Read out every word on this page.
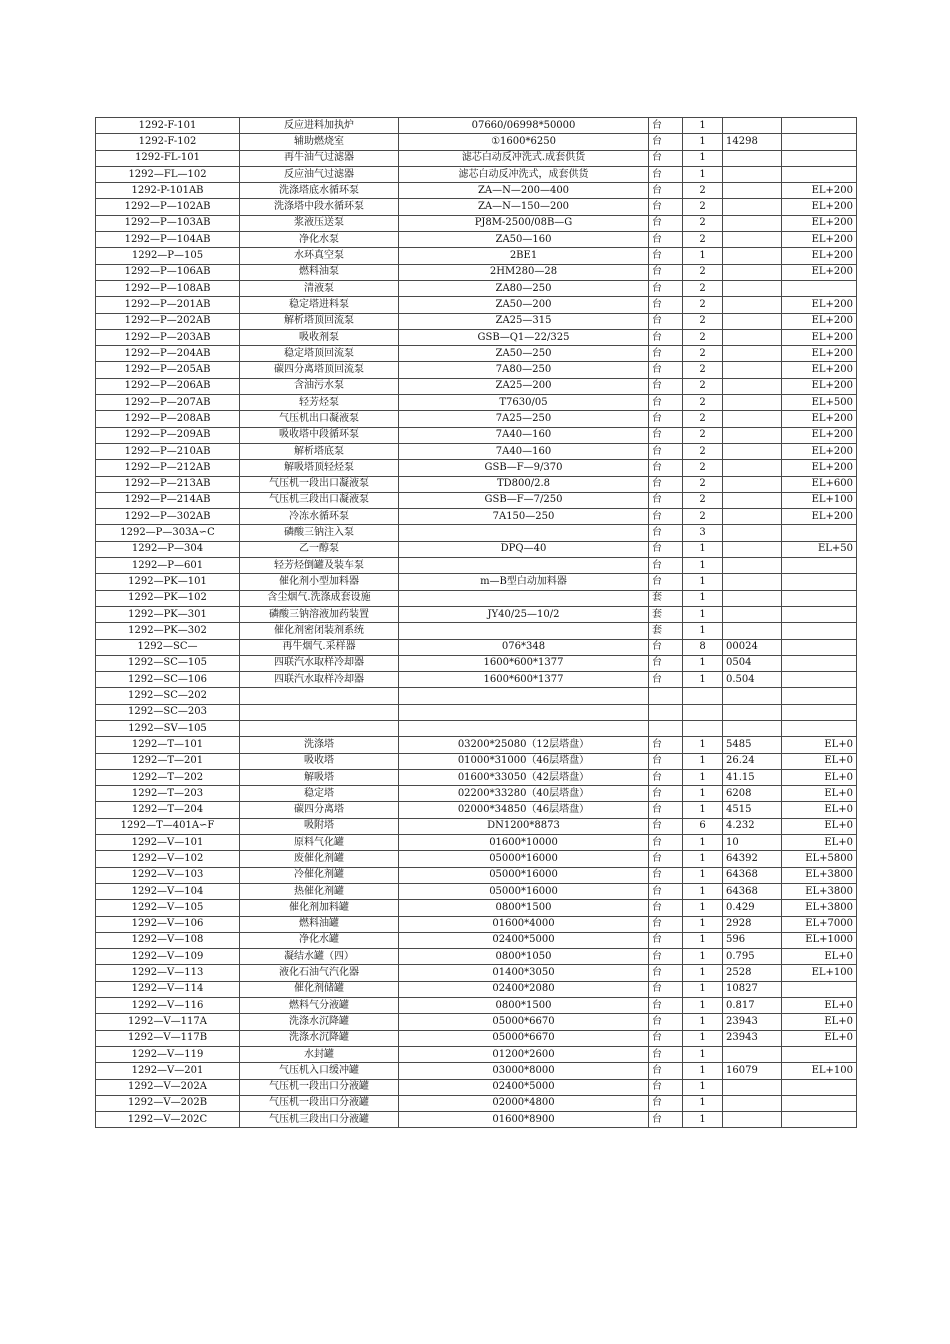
1292-F-101	反应进料加执炉	07660/06998*50000	台	1		
1292-F-102	辅助燃烧室	①1600*6250	台	1	14298	
1292-FL-101	再牛油气过滤器	滤芯白动反冲洗式.成套供货	台	1		
1292—FL—102	反应油气过滤器	滤芯白动反冲洗式，成套供货	台	1		
1292-P-101AB	洗涤塔底水循环泵	ZA—N—200—400	台	2		EL+200
1292—P—102AB	洗涤塔中段水循环泵	ZA—N—150—200	台	2		EL+200
1292—P—103AB	浆液压送泵	PJ8M-2500/08B—G	台	2		EL+200
1292—P—104AB	净化水泵	ZA50—160	台	2		EL+200
1292—P—105	水环真空泵	2BE1	台	1		EL+200
1292—P—106AB	燃料油泵	2HM280—28	台	2		EL+200
1292—P—108AB	清液泵	ZA80—250	台	2		
1292—P—201AB	稳定塔进料泵	ZA50—200	台	2		EL+200
1292—P—202AB	解析塔顶回流泵	ZA25—315	台	2		EL+200
1292—P—203AB	吸收剂泵	GSB—Q1—22/325	台	2		EL+200
1292—P—204AB	稳定塔顶回流泵	ZA50—250	台	2		EL+200
1292—P—205AB	碳四分离塔顶回流泵	7A80—250	台	2		EL+200
1292—P—206AB	含油污水泵	ZA25—200	台	2		EL+200
1292—P—207AB	轻芳烃泵	T7630/05	台	2		EL+500
1292—P—208AB	气压机出口凝液泵	7A25—250	台	2		EL+200
1292—P—209AB	吸收塔中段循环泵	7A40—160	台	2		EL+200
1292—P—210AB	解析塔底泵	7A40—160	台	2		EL+200
1292—P—212AB	解吸塔顶轻烃泵	GSB—F—9/370	台	2		EL+200
1292—P—213AB	气压机一段出口凝液泵	TD800/2.8	台	2		EL+600
1292—P—214AB	气压机三段出口凝液泵	GSB—F—7/250	台	2		EL+100
1292—P—302AB	冷冻水循环泵	7A150—250	台	2		EL+200
1292—P—303A∽C	磷酸三钠注入泵		台	3		
1292—P—304	乙一醇泵	DPQ—40	台	1		EL+50
1292—P—601	轻芳烃倒罐及装车泵		台	1		
1292—PK—101	催化剂小型加料器	m—B型白动加料器	台	1		
1292—PK—102	含尘烟气.洗涤成套设施		套	1		
1292—PK—301	磷酸三钠溶液加药装置	JY40/25—10/2	套	1		
1292—PK—302	催化剂密闭装剂系统		套	1		
1292—SC—	再牛烟气.采样器	076*348	台	8	00024	
1292—SC—105	四联汽水取样冷却器	1600*600*1377	台	1	0504	
1292—SC—106	四联汽水取样冷却器	1600*600*1377	台	1	0.504	
1292—SC—202						
1292—SC—203						
1292—SV—105						
1292—T—101	洗涤塔	03200*25080（12层塔盘）	台	1	5485	EL+0
1292—T—201	吸收塔	01000*31000（46层塔盘）	台	1	26.24	EL+0
1292—T—202	解吸塔	01600*33050（42层塔盘）	台	1	41.15	EL+0
1292—T—203	稳定塔	02200*33280（40层塔盘）	台	1	6208	EL+0
1292—T—204	碳四分离塔	02000*34850（46层塔盘）	台	1	4515	EL+0
1292—T—401A∽F	吸附塔	DN1200*8873	台	6	4.232	EL+0
1292—V—101	原料气化罐	01600*10000	台	1	10	EL+0
1292—V—102	废催化剂罐	05000*16000	台	1	64392	EL+5800
1292—V—103	冷催化剂罐	05000*16000	台	1	64368	EL+3800
1292—V—104	热催化剂罐	05000*16000	台	1	64368	EL+3800
1292—V—105	催化剂加料罐	0800*1500	台	1	0.429	EL+3800
1292—V—106	燃料油罐	01600*4000	台	1	2928	EL+7000
1292—V—108	净化水罐	02400*5000	台	1	596	EL+1000
1292—V—109	凝结水罐（四）	0800*1050	台	1	0.795	EL+0
1292—V—113	液化石油气汽化器	01400*3050	台	1	2528	EL+100
1292—V—114	催化剂储罐	02400*2080	台	1	10827	
1292—V—116	燃料气分液罐	0800*1500	台	1	0.817	EL+0
1292—V—117A	洗涤水沉降罐	05000*6670	台	1	23943	EL+0
1292—V—117B	洗涤水沉降罐	05000*6670	台	1	23943	EL+0
1292—V—119	水封罐	01200*2600	台	1		
1292—V—201	气压机入口缓冲罐	03000*8000	台	1	16079	EL+100
1292—V—202A	气压机一段出口分液罐	02400*5000	台	1		
1292—V—202B	气压机一段出口分液罐	02000*4800	台	1		
1292—V—202C	气压机三段出口分液罐	01600*8900	台	1		
